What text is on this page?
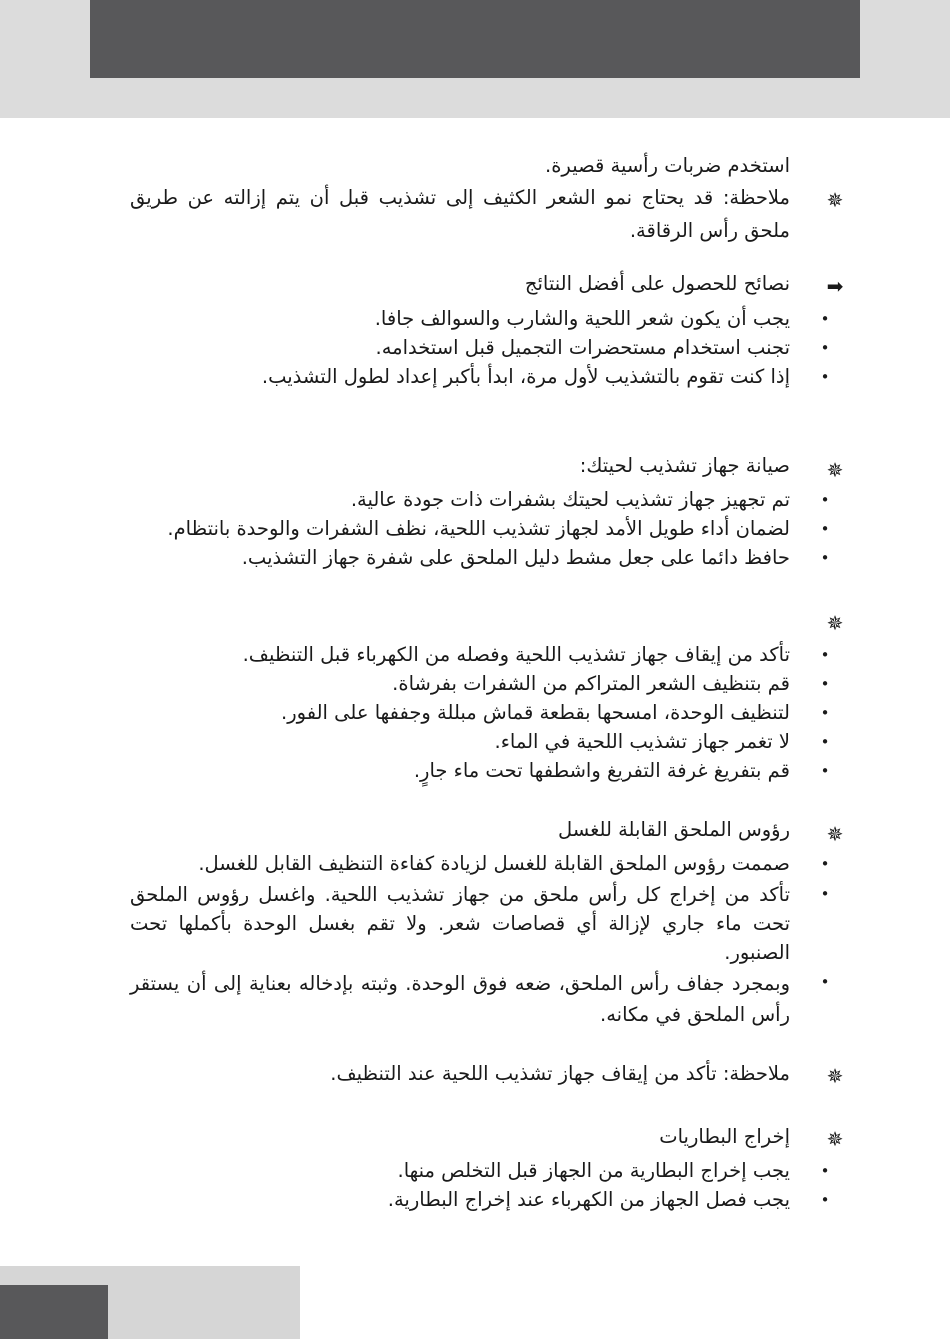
استخدم ضربات رأسية قصيرة.
✵
ملاحظة: قد يحتاج نمو الشعر الكثيف إلى تشذيب قبل أن يتم إزالته عن طريق ملحق رأس الرقاقة.
➡
نصائح للحصول على أفضل النتائج
•
يجب أن يكون شعر اللحية والشارب والسوالف جافا.
•
تجنب استخدام مستحضرات التجميل قبل استخدامه.
•
إذا كنت تقوم بالتشذيب لأول مرة، ابدأ بأكبر إعداد لطول التشذيب.
✵
صيانة جهاز تشذيب لحيتك:
•
تم تجهيز جهاز تشذيب لحيتك بشفرات ذات جودة عالية.
•
لضمان أداء طويل الأمد لجهاز تشذيب اللحية، نظف الشفرات والوحدة بانتظام.
•
حافظ دائما على جعل مشط دليل الملحق على شفرة جهاز التشذيب.
✵
•
تأكد من إيقاف جهاز تشذيب اللحية وفصله من الكهرباء قبل التنظيف.
•
قم بتنظيف الشعر المتراكم من الشفرات بفرشاة.
•
لتنظيف الوحدة، امسحها بقطعة قماش مبللة وجففها على الفور.
•
لا تغمر جهاز تشذيب اللحية في الماء.
•
قم بتفريغ غرفة التفريغ واشطفها تحت ماء جارٍ.
✵
رؤوس الملحق القابلة للغسل
•
صممت رؤوس الملحق القابلة للغسل لزيادة كفاءة التنظيف القابل للغسل.
•
تأكد من إخراج كل رأس ملحق من جهاز تشذيب اللحية. واغسل رؤوس الملحق تحت ماء جاري لإزالة أي قصاصات شعر. ولا تقم بغسل الوحدة بأكملها تحت الصنبور.
•
وبمجرد جفاف رأس الملحق، ضعه فوق الوحدة. وثبته بإدخاله بعناية إلى أن يستقر رأس الملحق في مكانه.
✵
ملاحظة: تأكد من إيقاف جهاز تشذيب اللحية عند التنظيف.
✵
إخراج البطاريات
•
يجب إخراج البطارية من الجهاز قبل التخلص منها.
•
يجب فصل الجهاز من الكهرباء عند إخراج البطارية.
